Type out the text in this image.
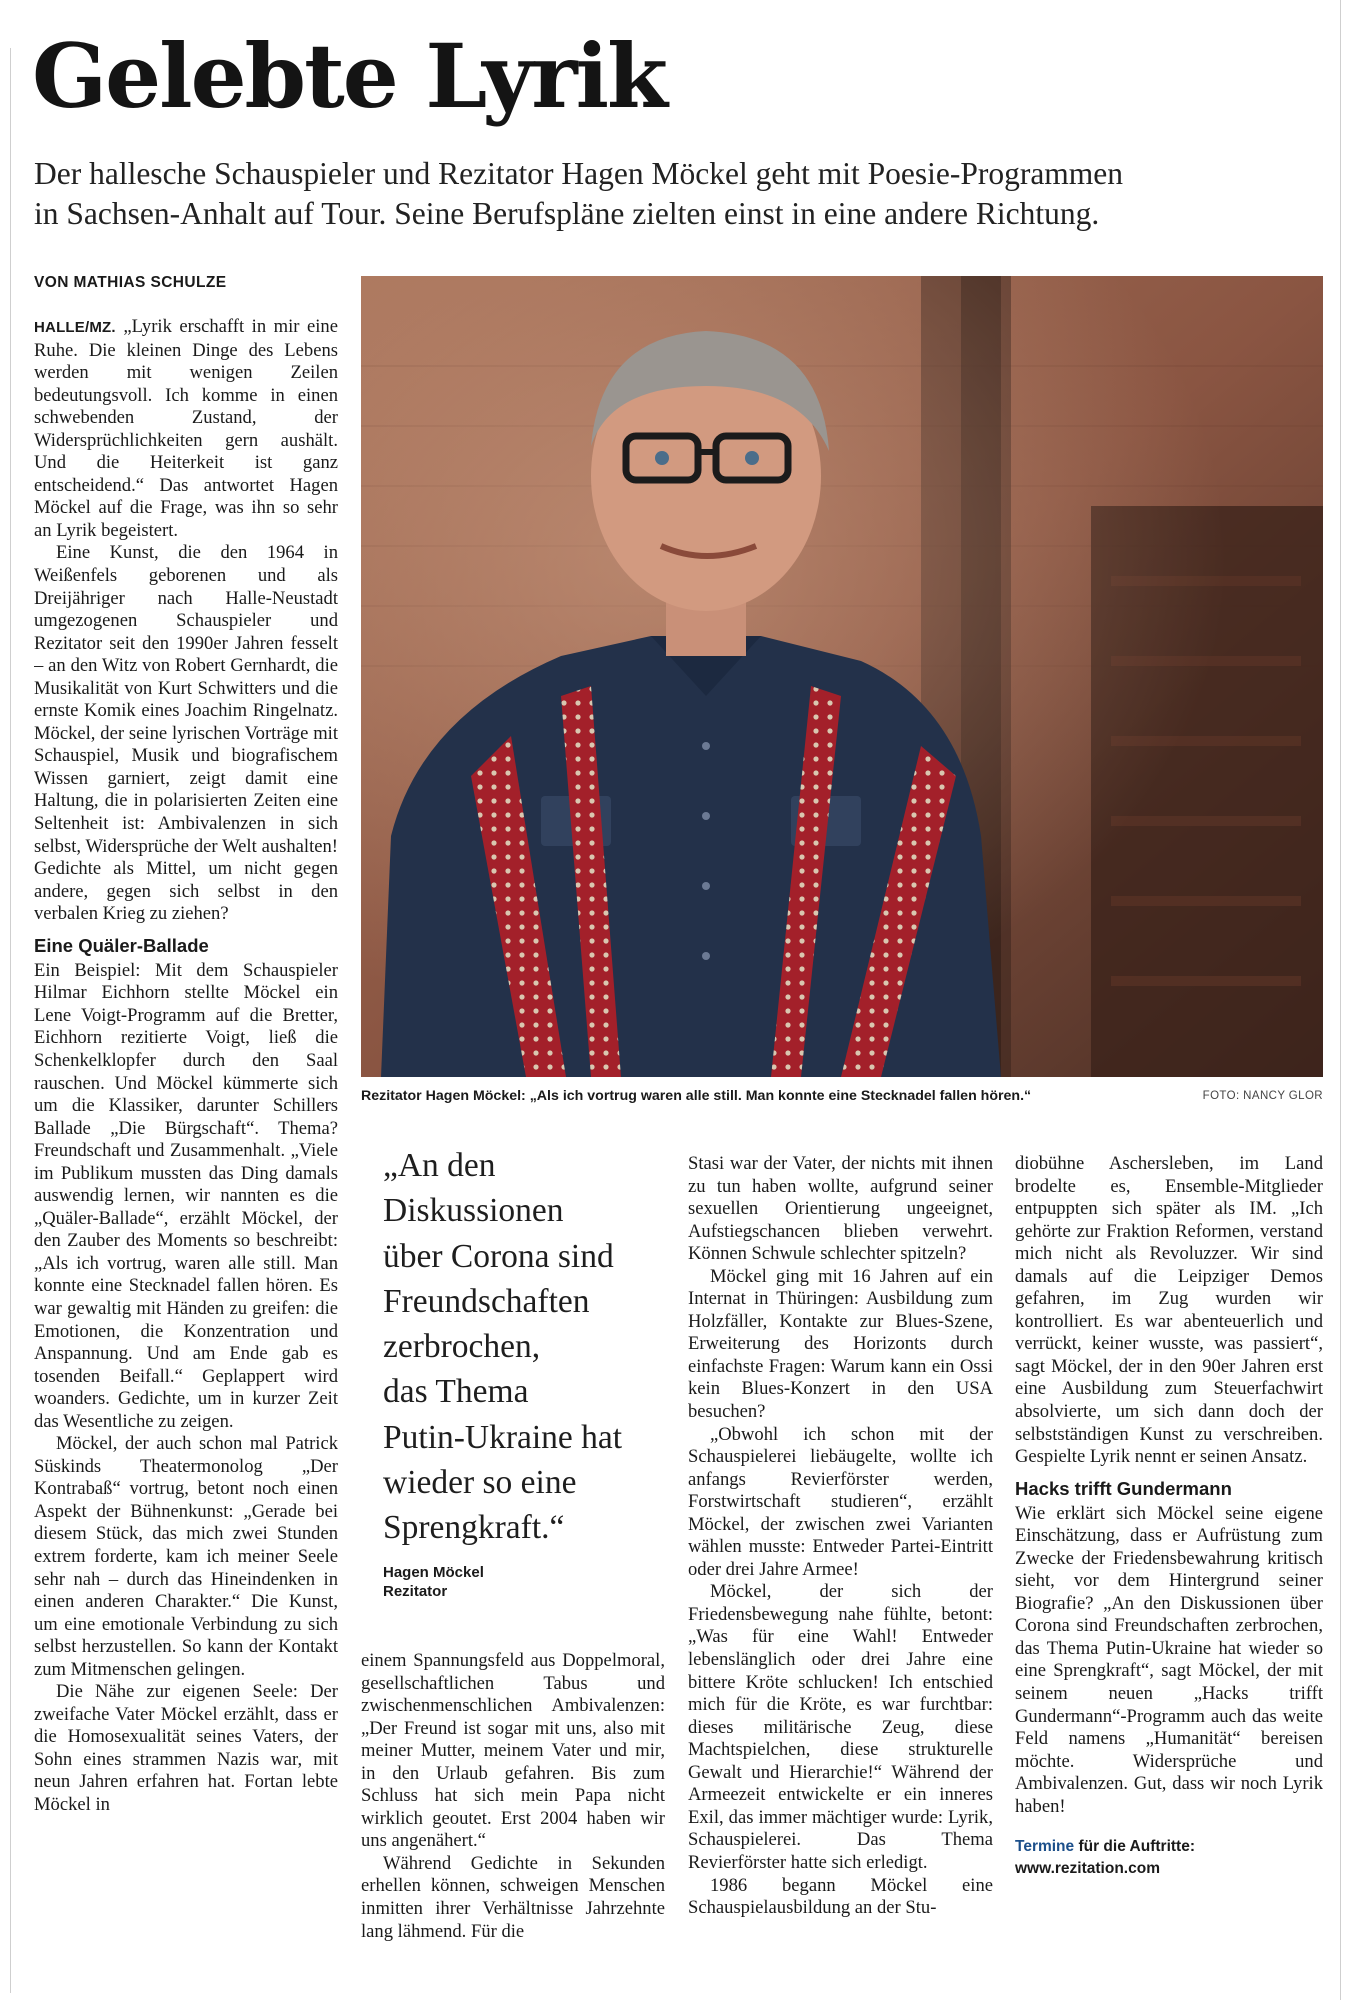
Gelebte Lyrik
Der hallesche Schauspieler und Rezitator Hagen Möckel geht mit Poesie-Programmen
in Sachsen-Anhalt auf Tour. Seine Berufspläne zielten einst in eine andere Richtung.
VON MATHIAS SCHULZE

HALLE/MZ. „Lyrik erschafft in mir eine Ruhe. Die kleinen Dinge des Lebens werden mit wenigen Zeilen bedeutungsvoll. Ich komme in einen schwebenden Zustand, der Widersprüchlichkeiten gern aushält. Und die Heiterkeit ist ganz entscheidend.“ Das antwortet Hagen Möckel auf die Frage, was ihn so sehr an Lyrik begeistert.

Eine Kunst, die den 1964 in Weißenfels geborenen und als Dreijähriger nach Halle-Neustadt umgezogenen Schauspieler und Rezitator seit den 1990er Jahren fesselt – an den Witz von Robert Gernhardt, die Musikalität von Kurt Schwitters und die ernste Komik eines Joachim Ringelnatz. Möckel, der seine lyrischen Vorträge mit Schauspiel, Musik und biografischem Wissen garniert, zeigt damit eine Haltung, die in polarisierten Zeiten eine Seltenheit ist: Ambivalenzen in sich selbst, Widersprüche der Welt aushalten! Gedichte als Mittel, um nicht gegen andere, gegen sich selbst in den verbalen Krieg zu ziehen?

Eine Quäler-Ballade

Ein Beispiel: Mit dem Schauspieler Hilmar Eichhorn stellte Möckel ein Lene Voigt-Programm auf die Bretter, Eichhorn rezitierte Voigt, ließ die Schenkelklopfer durch den Saal rauschen. Und Möckel kümmerte sich um die Klassiker, darunter Schillers Ballade „Die Bürgschaft“. Thema? Freundschaft und Zusammenhalt. „Viele im Publikum mussten das Ding damals auswendig lernen, wir nannten es die „Quäler-Ballade“, erzählt Möckel, der den Zauber des Moments so beschreibt: „Als ich vortrug, waren alle still. Man konnte eine Stecknadel fallen hören. Es war gewaltig mit Händen zu greifen: die Emotionen, die Konzentration und Anspannung. Und am Ende gab es tosenden Beifall.“ Geplappert wird woanders. Gedichte, um in kurzer Zeit das Wesentliche zu zeigen.

Möckel, der auch schon mal Patrick Süskinds Theatermonolog „Der Kontrabaß“ vortrug, betont noch einen Aspekt der Bühnenkunst: „Gerade bei diesem Stück, das mich zwei Stunden extrem forderte, kam ich meiner Seele sehr nah – durch das Hineindenken in einen anderen Charakter.“ Die Kunst, um eine emotionale Verbindung zu sich selbst herzustellen. So kann der Kontakt zum Mitmenschen gelingen.

Die Nähe zur eigenen Seele: Der zweifache Vater Möckel erzählt, dass er die Homosexualität seines Vaters, der Sohn eines strammen Nazis war, mit neun Jahren erfahren hat. Fortan lebte Möckel in

Rezitator Hagen Möckel: „Als ich vortrug waren alle still. Man konnte eine Stecknadel fallen hören.“	FOTO: NANCY GLOR

„An den
Diskussionen
über Corona sind
Freundschaften
zerbrochen,
das Thema
Putin-Ukraine hat
wieder so eine
Sprengkraft.“

Hagen Möckel
Rezitator

einem Spannungsfeld aus Doppelmoral, gesellschaftlichen Tabus und zwischenmenschlichen Ambivalenzen: „Der Freund ist sogar mit uns, also mit meiner Mutter, meinem Vater und mir, in den Urlaub gefahren. Bis zum Schluss hat sich mein Papa nicht wirklich geoutet. Erst 2004 haben wir uns angenähert.“

Während Gedichte in Sekunden erhellen können, schweigen Menschen inmitten ihrer Verhältnisse Jahrzehnte lang lähmend. Für die

Stasi war der Vater, der nichts mit ihnen zu tun haben wollte, aufgrund seiner sexuellen Orientierung ungeeignet, Aufstiegschancen blieben verwehrt. Können Schwule schlechter spitzeln?

Möckel ging mit 16 Jahren auf ein Internat in Thüringen: Ausbildung zum Holzfäller, Kontakte zur Blues-Szene, Erweiterung des Horizonts durch einfachste Fragen: Warum kann ein Ossi kein Blues-Konzert in den USA besuchen?

„Obwohl ich schon mit der Schauspielerei liebäugelte, wollte ich anfangs Revierförster werden, Forstwirtschaft studieren“, erzählt Möckel, der zwischen zwei Varianten wählen musste: Entweder Partei-Eintritt oder drei Jahre Armee!

Möckel, der sich der Friedensbewegung nahe fühlte, betont: „Was für eine Wahl! Entweder lebenslänglich oder drei Jahre eine bittere Kröte schlucken! Ich entschied mich für die Kröte, es war furchtbar: dieses militärische Zeug, diese Machtspielchen, diese strukturelle Gewalt und Hierarchie!“ Während der Armeezeit entwickelte er ein inneres Exil, das immer mächtiger wurde: Lyrik, Schauspielerei. Das Thema Revierförster hatte sich erledigt.

1986 begann Möckel eine Schauspielausbildung an der Stu-

diobühne Aschersleben, im Land brodelte es, Ensemble-Mitglieder entpuppten sich später als IM. „Ich gehörte zur Fraktion Reformen, verstand mich nicht als Revoluzzer. Wir sind damals auf die Leipziger Demos gefahren, im Zug wurden wir kontrolliert. Es war abenteuerlich und verrückt, keiner wusste, was passiert“, sagt Möckel, der in den 90er Jahren erst eine Ausbildung zum Steuerfachwirt absolvierte, um sich dann doch der selbstständigen Kunst zu verschreiben. Gespielte Lyrik nennt er seinen Ansatz.

Hacks trifft Gundermann

Wie erklärt sich Möckel seine eigene Einschätzung, dass er Aufrüstung zum Zwecke der Friedensbewahrung kritisch sieht, vor dem Hintergrund seiner Biografie? „An den Diskussionen über Corona sind Freundschaften zerbrochen, das Thema Putin-Ukraine hat wieder so eine Sprengkraft“, sagt Möckel, der mit seinem neuen „Hacks trifft Gundermann“-Programm auch das weite Feld namens „Humanität“ bereisen möchte. Widersprüche und Ambivalenzen. Gut, dass wir noch Lyrik haben!

Termine für die Auftritte:
www.rezitation.com
